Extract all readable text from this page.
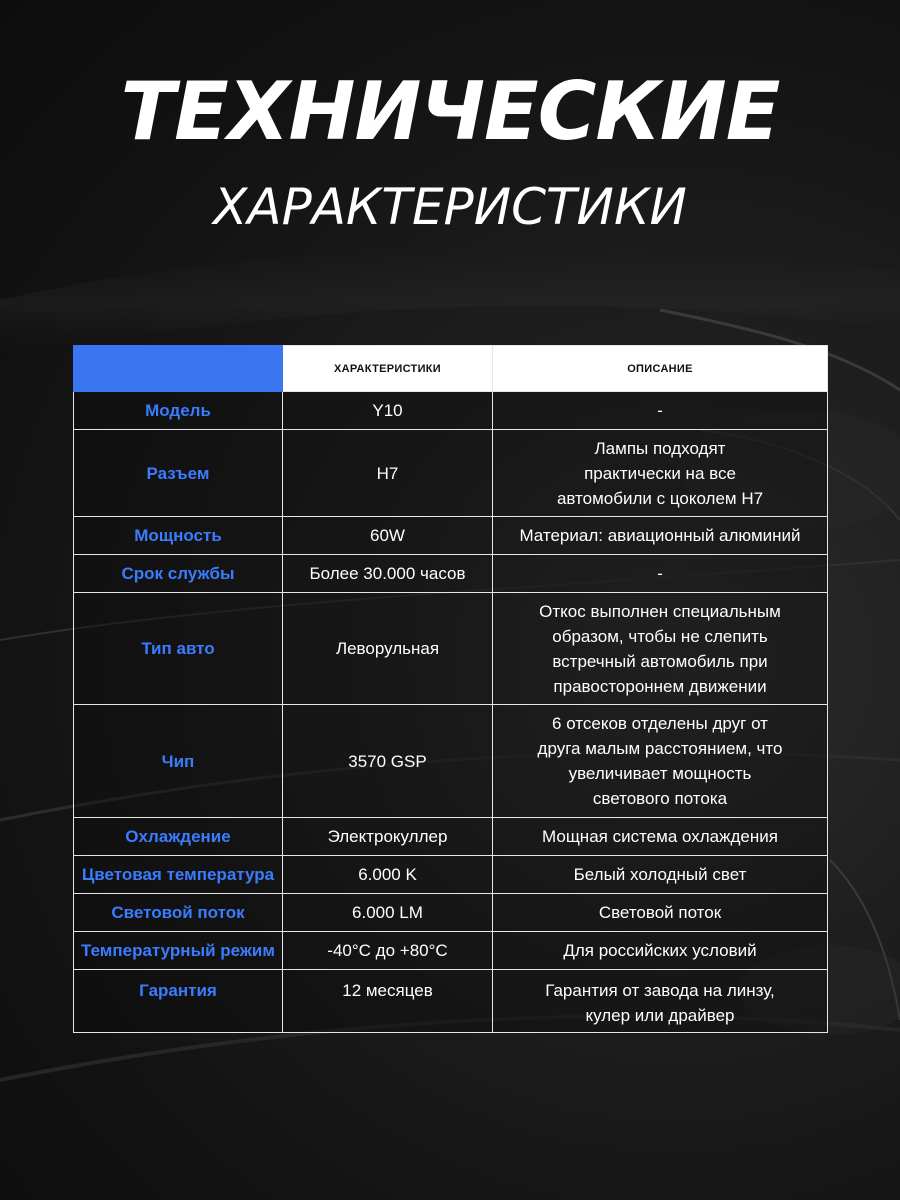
ТЕХНИЧЕСКИЕ
ХАРАКТЕРИСТИКИ
	ХАРАКТЕРИСТИКИ	ОПИСАНИЕ
Модель	Y10	-
Разъем	H7	Лампы подходят
практически на все
автомобили с цоколем H7

Мощность	60W	Материал: авиационный алюминий
Срок службы	Более 30.000 часов	-
Тип авто	Леворульная	Откос выполнен специальным
образом, чтобы не слепить
встречный автомобиль при
правостороннем движении

Чип	3570 GSP	6 отсеков отделены друг от
друга малым расстоянием, что
увеличивает мощность
светового потока

Охлаждение	Электрокуллер	Мощная система охлаждения
Цветовая температура	6.000 K	Белый холодный свет
Световой поток	6.000 LM	Световой поток
Температурный режим	-40°C до +80°C	Для российских условий
Гарантия	12 месяцев	Гарантия от завода на линзу,
кулер или драйвер
